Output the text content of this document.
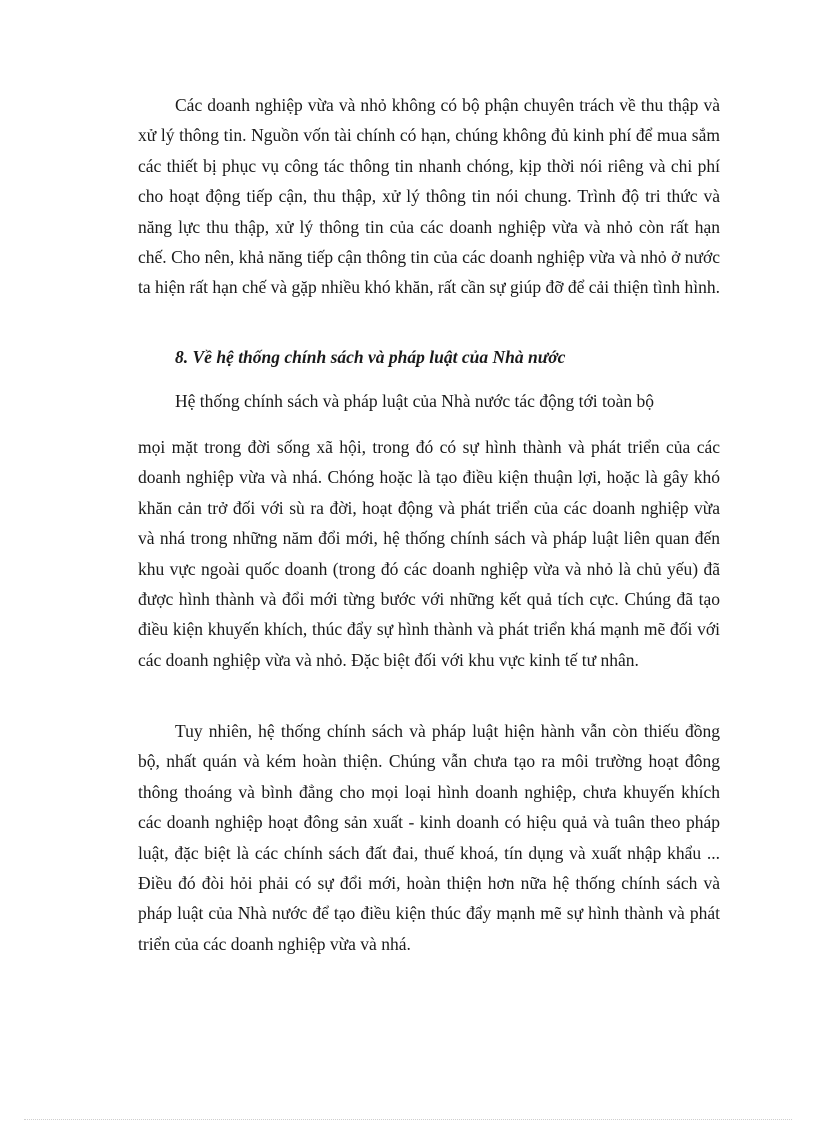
Các doanh nghiệp vừa và nhỏ không có bộ phận chuyên trách về thu thập và xử lý thông tin. Nguồn vốn tài chính có hạn, chúng không đủ kinh phí để mua sắm các thiết bị phục vụ công tác thông tin nhanh chóng, kịp thời nói riêng và chi phí cho hoạt động tiếp cận, thu thập, xử lý thông tin nói chung. Trình độ tri thức và năng lực thu thập, xử lý thông tin của các doanh nghiệp vừa và nhỏ còn rất hạn chế. Cho nên, khả năng tiếp cận thông tin của các doanh nghiệp vừa và nhỏ ở nước ta hiện rất hạn chế và gặp nhiều khó khăn, rất cần sự giúp đỡ để cải thiện tình hình.

8. Về hệ thống chính sách và pháp luật của Nhà nước
Hệ thống chính sách và pháp luật của Nhà nước tác động tới toàn bộ

mọi mặt trong đời sống xã hội, trong đó có sự hình thành và phát triển của các doanh nghiệp vừa và nhá. Chóng hoặc là tạo điều kiện thuận lợi, hoặc là gây khó khăn cản trở đối với sù ra đời, hoạt động và phát triển của các doanh nghiệp vừa và nhá trong những năm đổi mới, hệ thống chính sách và pháp luật liên quan đến khu vực ngoài quốc doanh (trong đó các doanh nghiệp vừa và nhỏ là chủ yếu) đã được hình thành và đổi mới từng bước với những kết quả tích cực. Chúng đã tạo điều kiện khuyến khích, thúc đẩy sự hình thành và phát triển khá mạnh mẽ đối với các doanh nghiệp vừa và nhỏ. Đặc biệt đối với khu vực kinh tế tư nhân.

Tuy nhiên, hệ thống chính sách và pháp luật hiện hành vẫn còn thiếu đồng bộ, nhất quán và kém hoàn thiện. Chúng vẫn chưa tạo ra môi trường hoạt đông thông thoáng và bình đẳng cho mọi loại hình doanh nghiệp, chưa khuyến khích các doanh nghiệp hoạt đông sản xuất - kinh doanh có hiệu quả và tuân theo pháp luật, đặc biệt là các chính sách đất đai, thuế khoá, tín dụng và xuất nhập khẩu ... Điều đó đòi hỏi phải có sự đổi mới, hoàn thiện hơn nữa hệ thống chính sách và pháp luật của Nhà nước để tạo điều kiện thúc đẩy mạnh mẽ sự hình thành và phát triển của các doanh nghiệp vừa và nhá.
